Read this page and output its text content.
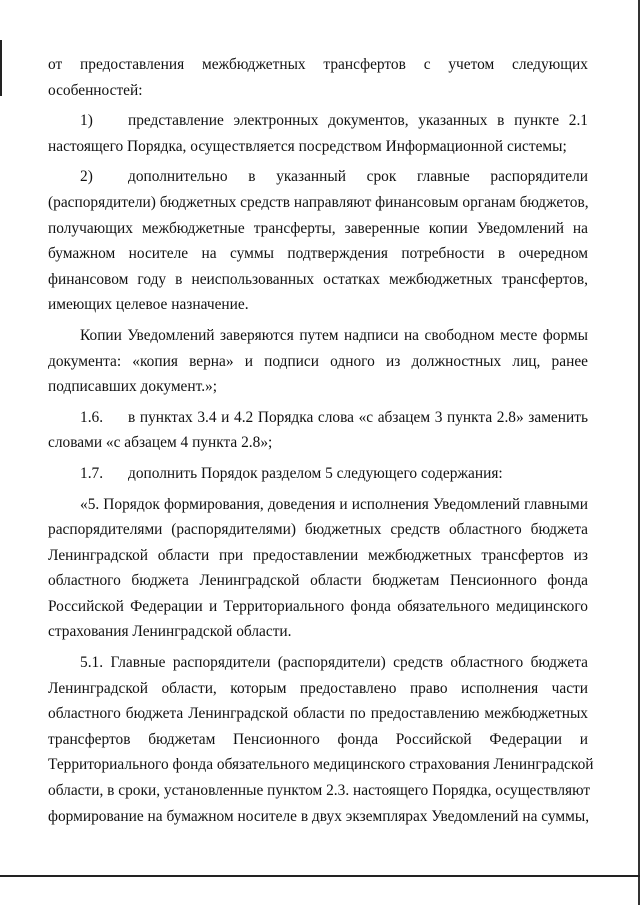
от предоставления межбюджетных трансфертов с учетом следующих
особенностей:

1) представление электронных документов, указанных в пункте 2.1
настоящего Порядка, осуществляется посредством Информационной системы;

2) дополнительно в указанный срок главные распорядители
(распорядители) бюджетных средств направляют финансовым органам бюджетов,
получающих межбюджетные трансферты, заверенные копии Уведомлений на
бумажном носителе на суммы подтверждения потребности в очередном
финансовом году в неиспользованных остатках межбюджетных трансфертов,
имеющих целевое назначение.

Копии Уведомлений заверяются путем надписи на свободном месте формы
документа: «копия верна» и подписи одного из должностных лиц, ранее
подписавших документ.»;

1.6. в пунктах 3.4 и 4.2 Порядка слова «с абзацем 3 пункта 2.8» заменить
словами «с абзацем 4 пункта 2.8»;

1.7. дополнить Порядок разделом 5 следующего содержания:

«5. Порядок формирования, доведения и исполнения Уведомлений главными
распорядителями (распорядителями) бюджетных средств областного бюджета
Ленинградской области при предоставлении межбюджетных трансфертов из
областного бюджета Ленинградской области бюджетам Пенсионного фонда
Российской Федерации и Территориального фонда обязательного медицинского
страхования Ленинградской области.

5.1. Главные распорядители (распорядители) средств областного бюджета
Ленинградской области, которым предоставлено право исполнения части
областного бюджета Ленинградской области по предоставлению межбюджетных
трансфертов бюджетам Пенсионного фонда Российской Федерации и
Территориального фонда обязательного медицинского страхования Ленинградской
области, в сроки, установленные пунктом 2.3. настоящего Порядка, осуществляют
формирование на бумажном носителе в двух экземплярах Уведомлений на суммы,
